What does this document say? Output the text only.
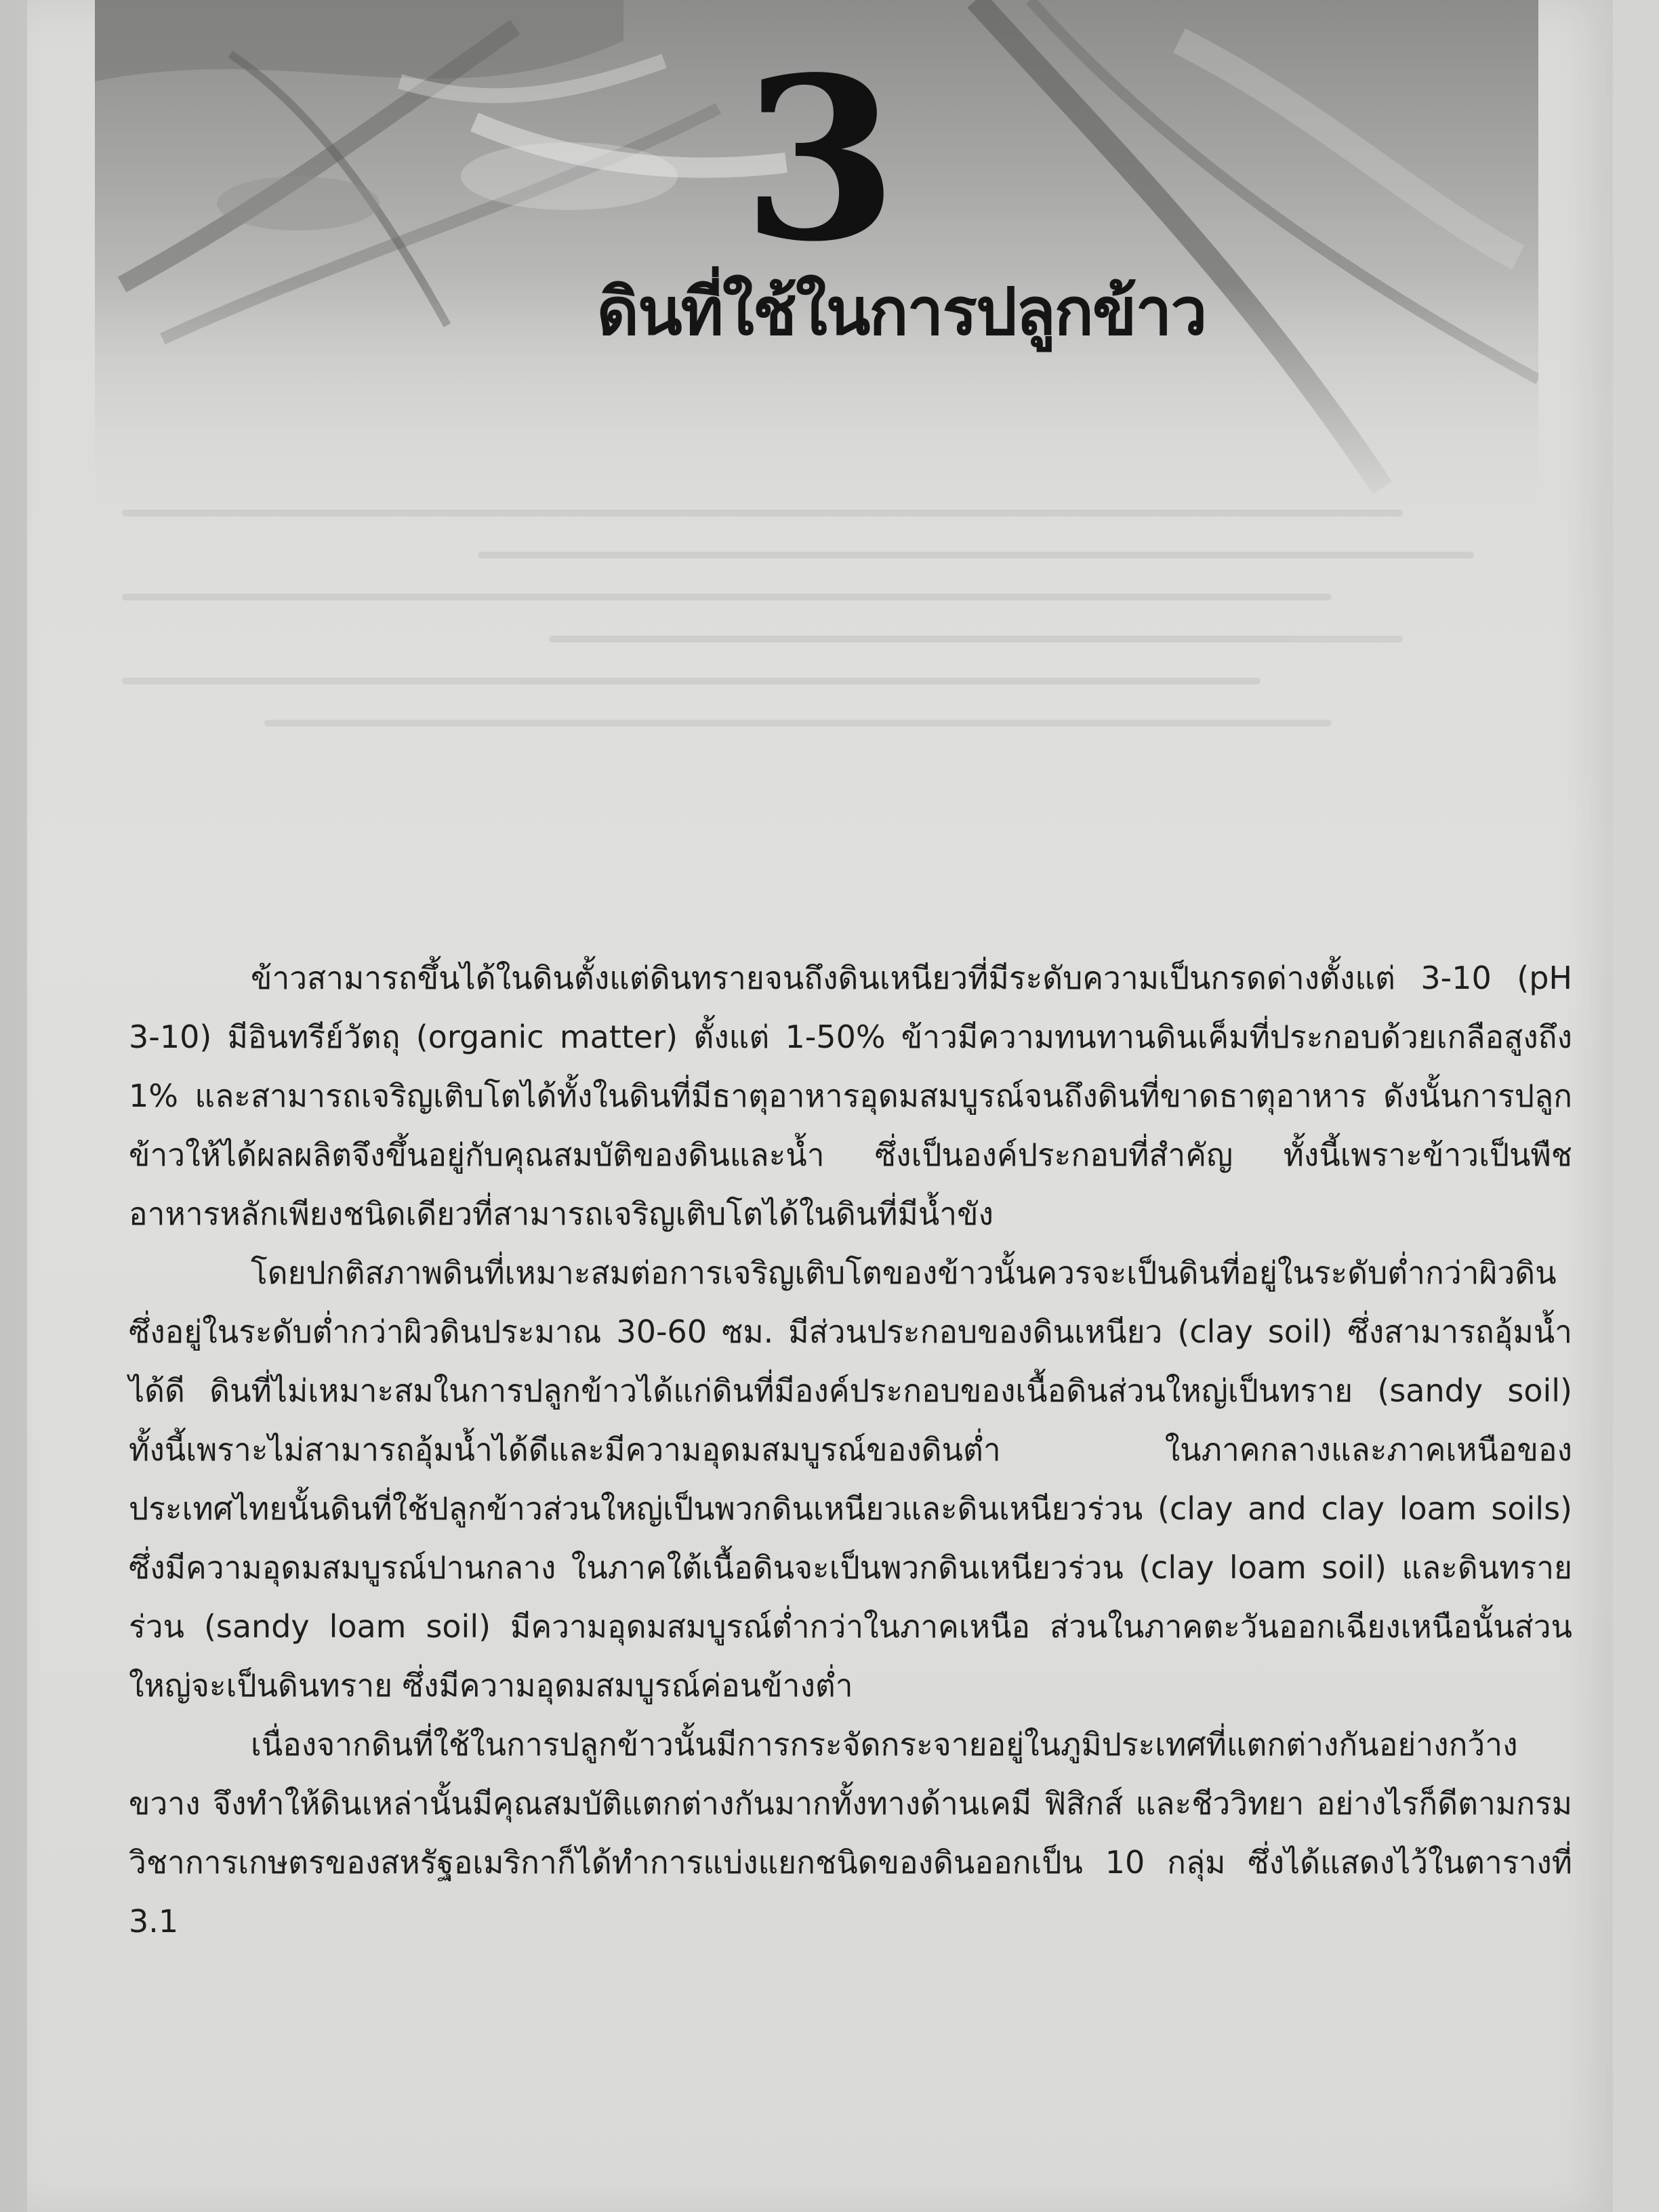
3
ดินที่ใช้ในการปลูกข้าว

ข้าวสามารถขึ้นได้ในดินตั้งแต่ดินทรายจนถึงดินเหนียวที่มีระดับความเป็นกรดด่างตั้งแต่ 3-10 (pH 3-10) มีอินทรีย์วัตถุ (organic matter) ตั้งแต่ 1-50% ข้าวมีความทนทานดินเค็มที่ประกอบด้วยเกลือสูงถึง 1% และสามารถเจริญเติบโตได้ทั้งในดินที่มีธาตุอาหารอุดมสมบูรณ์จนถึงดินที่ขาดธาตุอาหาร ดังนั้นการปลูกข้าวให้ได้ผลผลิตจึงขึ้นอยู่กับคุณสมบัติของดินและน้ำ ซึ่งเป็นองค์ประกอบที่สำคัญ ทั้งนี้เพราะข้าวเป็นพืชอาหารหลักเพียงชนิดเดียวที่สามารถเจริญเติบโตได้ในดินที่มีน้ำขัง

โดยปกติสภาพดินที่เหมาะสมต่อการเจริญเติบโตของข้าวนั้นควรจะเป็นดินที่อยู่ในระดับต่ำกว่าผิวดิน ซึ่งอยู่ในระดับต่ำกว่าผิวดินประมาณ 30-60 ซม. มีส่วนประกอบของดินเหนียว (clay soil) ซึ่งสามารถอุ้มน้ำได้ดี ดินที่ไม่เหมาะสมในการปลูกข้าวได้แก่ดินที่มีองค์ประกอบของเนื้อดินส่วนใหญ่เป็นทราย (sandy soil) ทั้งนี้เพราะไม่สามารถอุ้มน้ำได้ดีและมีความอุดมสมบูรณ์ของดินต่ำ ในภาคกลางและภาคเหนือของประเทศไทยนั้นดินที่ใช้ปลูกข้าวส่วนใหญ่เป็นพวกดินเหนียวและดินเหนียวร่วน (clay and clay loam soils) ซึ่งมีความอุดมสมบูรณ์ปานกลาง ในภาคใต้เนื้อดินจะเป็นพวกดินเหนียวร่วน (clay loam soil) และดินทรายร่วน (sandy loam soil) มีความอุดมสมบูรณ์ต่ำกว่าในภาคเหนือ ส่วนในภาคตะวันออกเฉียงเหนือนั้นส่วนใหญ่จะเป็นดินทราย ซึ่งมีความอุดมสมบูรณ์ค่อนข้างต่ำ

เนื่องจากดินที่ใช้ในการปลูกข้าวนั้นมีการกระจัดกระจายอยู่ในภูมิประเทศที่แตกต่างกันอย่างกว้างขวาง จึงทำให้ดินเหล่านั้นมีคุณสมบัติแตกต่างกันมากทั้งทางด้านเคมี ฟิสิกส์ และชีววิทยา อย่างไรก็ดีตามกรมวิชาการเกษตรของสหรัฐอเมริกาก็ได้ทำการแบ่งแยกชนิดของดินออกเป็น 10 กลุ่ม ซึ่งได้แสดงไว้ในตารางที่ 3.1
